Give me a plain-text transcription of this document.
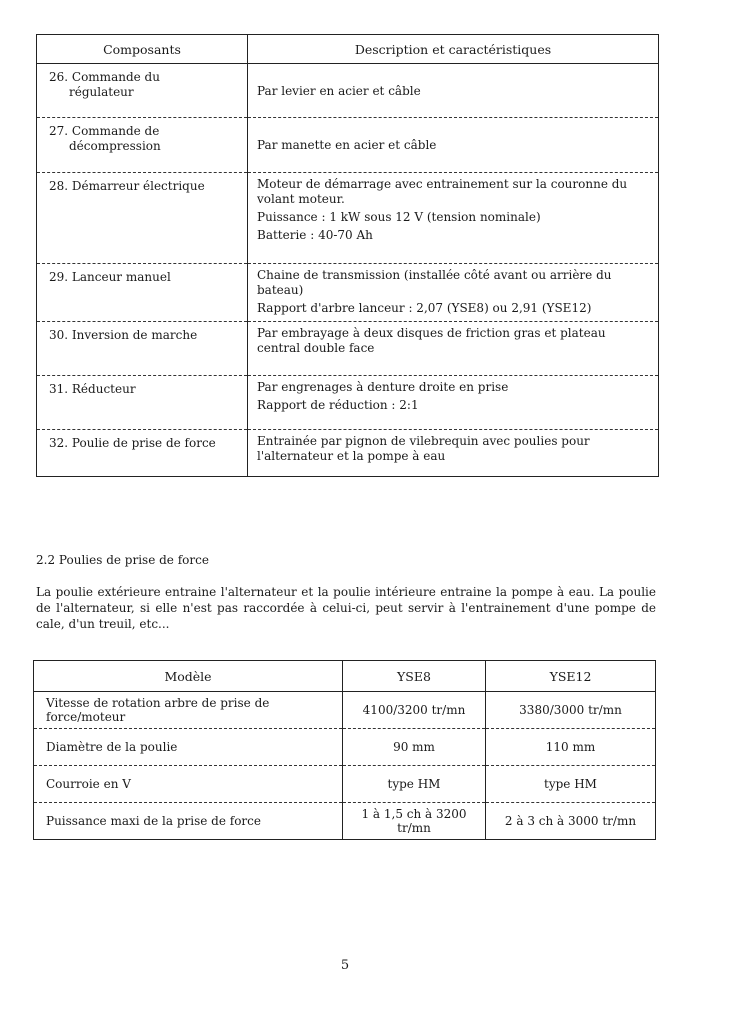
Composants	Description et caractéristiques

26. Commande du
régulateur	Par levier en acier et câble

27. Commande de
décompression	Par manette en acier et câble

28. Démarreur électrique	Moteur de démarrage avec entrainement sur la couronne du volant moteur.

Puissance : 1 kW sous 12 V (tension nominale)

Batterie : 40-70 Ah

29. Lanceur manuel	Chaine de transmission (installée côté avant ou arrière du bateau)

Rapport d'arbre lanceur : 2,07 (YSE8) ou 2,91 (YSE12)

30. Inversion de marche	Par embrayage à deux disques de friction gras et plateau central double face

31. Réducteur	Par engrenages à denture droite en prise

Rapport de réduction : 2:1

32. Poulie de prise de force	Entrainée par pignon de vilebrequin avec poulies pour l'alternateur et la pompe à eau

2.2 Poulies de prise de force

La poulie extérieure entraine l'alternateur et la poulie intérieure entraine la pompe à eau. La poulie de l'alternateur, si elle n'est pas raccordée à celui-ci, peut servir à l'entrainement d'une pompe de cale, d'un treuil, etc...

Modèle	YSE8	YSE12
Vitesse de rotation arbre de prise de force/moteur	4100/3200 tr/mn	3380/3000 tr/mn
Diamètre de la poulie	90 mm	110 mm
Courroie en V	type HM	type HM
Puissance maxi de la prise de force	1 à 1,5 ch à 3200 tr/mn	2 à 3 ch à 3000 tr/mn
5
